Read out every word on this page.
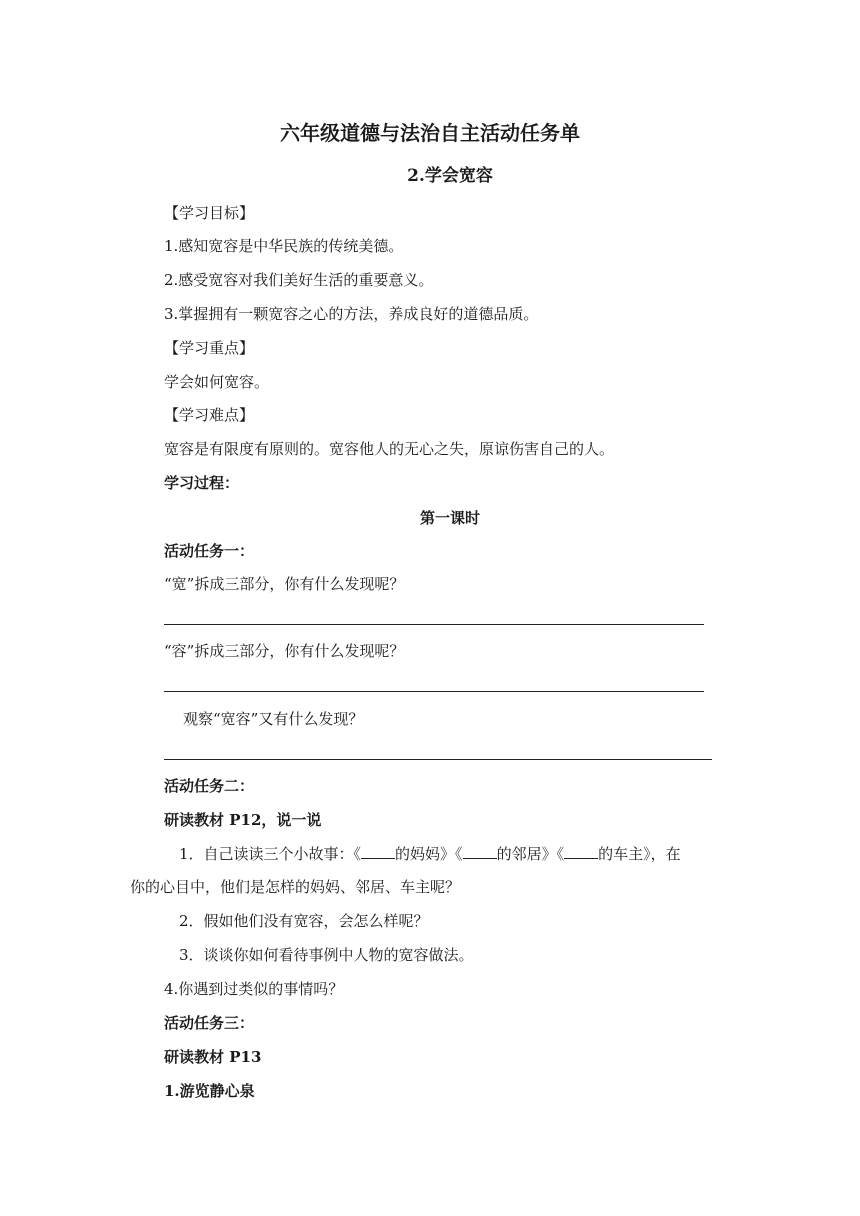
六年级道德与法治自主活动任务单
2.学会宽容
【学习目标】
1.感知宽容是中华民族的传统美德。
2.感受宽容对我们美好生活的重要意义。
3.掌握拥有一颗宽容之心的方法，养成良好的道德品质。
【学习重点】
学会如何宽容。
【学习难点】
宽容是有限度有原则的。宽容他人的无心之失，原谅伤害自己的人。
学习过程：
第一课时
活动任务一：
“宽”拆成三部分，你有什么发现呢？
“容”拆成三部分，你有什么发现呢？
观察“宽容”又有什么发现？
活动任务二：
研读教材 P12，说一说
1．自己读读三个小故事：《 的妈妈》《 的邻居》《 的车主》，在
你的心目中，他们是怎样的妈妈、邻居、车主呢？
2．假如他们没有宽容，会怎么样呢？
3．谈谈你如何看待事例中人物的宽容做法。
4.你遇到过类似的事情吗？
活动任务三：
研读教材 P13
1.游览静心泉
